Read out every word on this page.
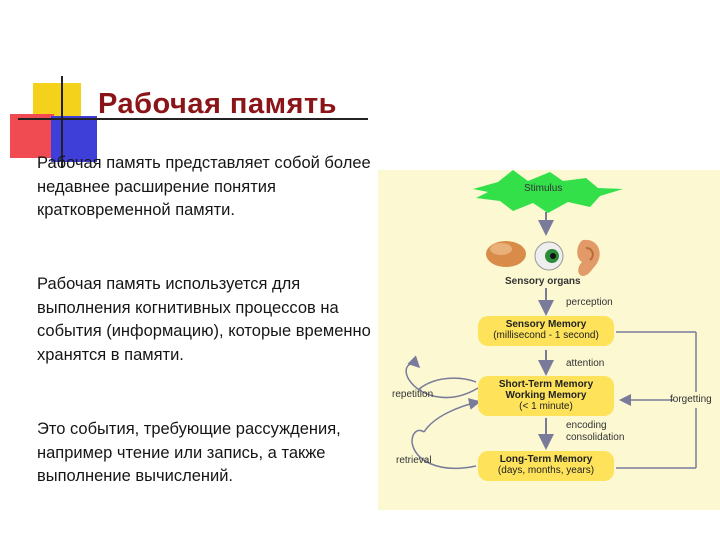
Рабочая память
Рабочая память представляет собой более недавнее расширение понятия кратковременной памяти.
Рабочая память используется для выполнения когнитивных процессов на события (информацию), которые временно хранятся в памяти.
Это события, требующие рассуждения, например чтение или запись, а также выполнение вычислений.
Stimulus
Sensory organs
perception
Sensory Memory
(millisecond - 1 second)
attention
Short-Term Memory
Working Memory
(< 1 minute)
encoding
consolidation
Long-Term Memory
(days, months, years)
repetition
retrieval
forgetting
